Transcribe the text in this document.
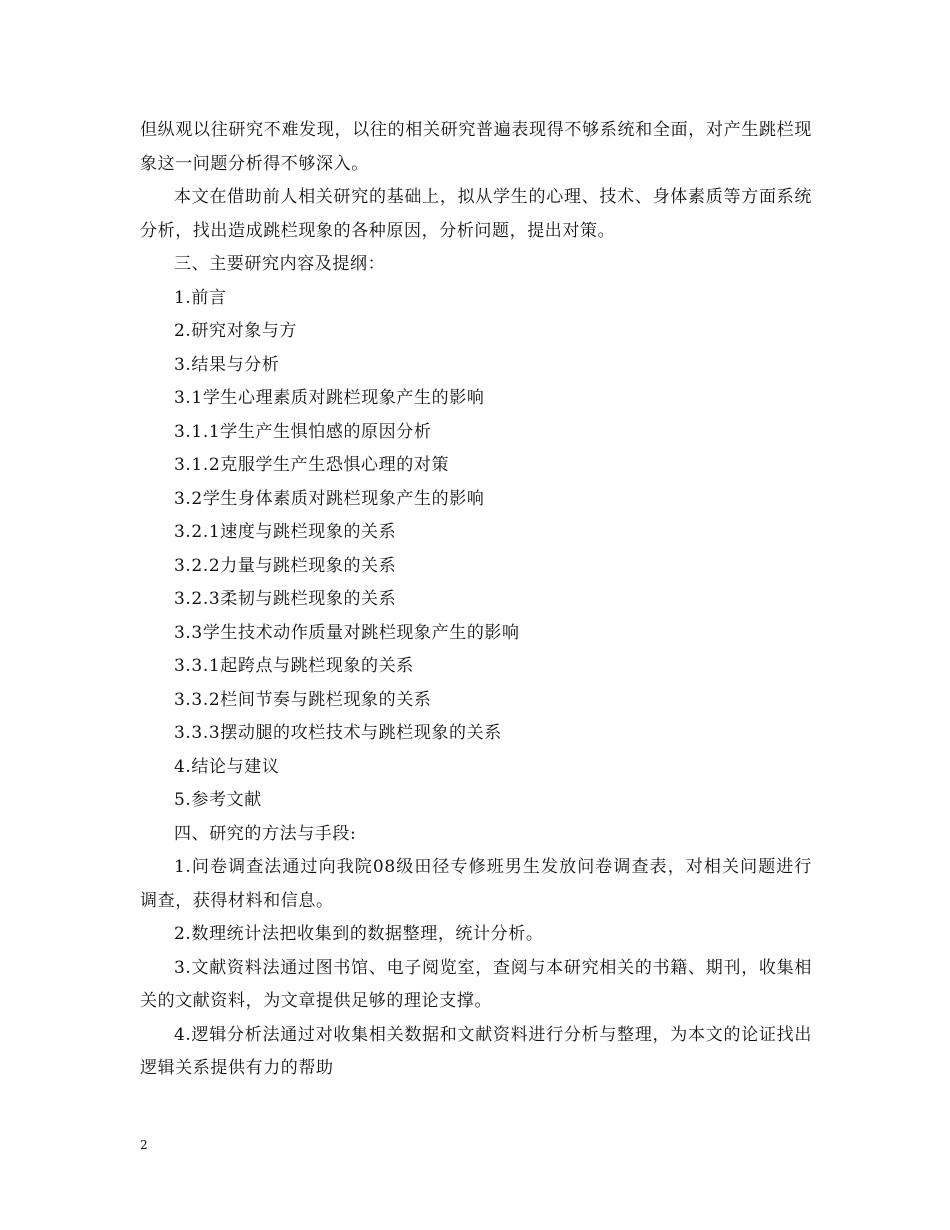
但纵观以往研究不难发现，以往的相关研究普遍表现得不够系统和全面，对产生跳栏现象这一问题分析得不够深入。

本文在借助前人相关研究的基础上，拟从学生的心理、技术、身体素质等方面系统分析，找出造成跳栏现象的各种原因，分析问题，提出对策。

三、主要研究内容及提纲：

1.前言

2.研究对象与方

3.结果与分析

3.1学生心理素质对跳栏现象产生的影响

3.1.1学生产生惧怕感的原因分析

3.1.2克服学生产生恐惧心理的对策

3.2学生身体素质对跳栏现象产生的影响

3.2.1速度与跳栏现象的关系

3.2.2力量与跳栏现象的关系

3.2.3柔韧与跳栏现象的关系

3.3学生技术动作质量对跳栏现象产生的影响

3.3.1起跨点与跳栏现象的关系

3.3.2栏间节奏与跳栏现象的关系

3.3.3摆动腿的攻栏技术与跳栏现象的关系

4.结论与建议

5.参考文献

四、研究的方法与手段:

1.问卷调查法通过向我院08级田径专修班男生发放问卷调查表，对相关问题进行调查，获得材料和信息。

2.数理统计法把收集到的数据整理，统计分析。

3.文献资料法通过图书馆、电子阅览室，查阅与本研究相关的书籍、期刊，收集相关的文献资料，为文章提供足够的理论支撑。

4.逻辑分析法通过对收集相关数据和文献资料进行分析与整理，为本文的论证找出逻辑关系提供有力的帮助

2
